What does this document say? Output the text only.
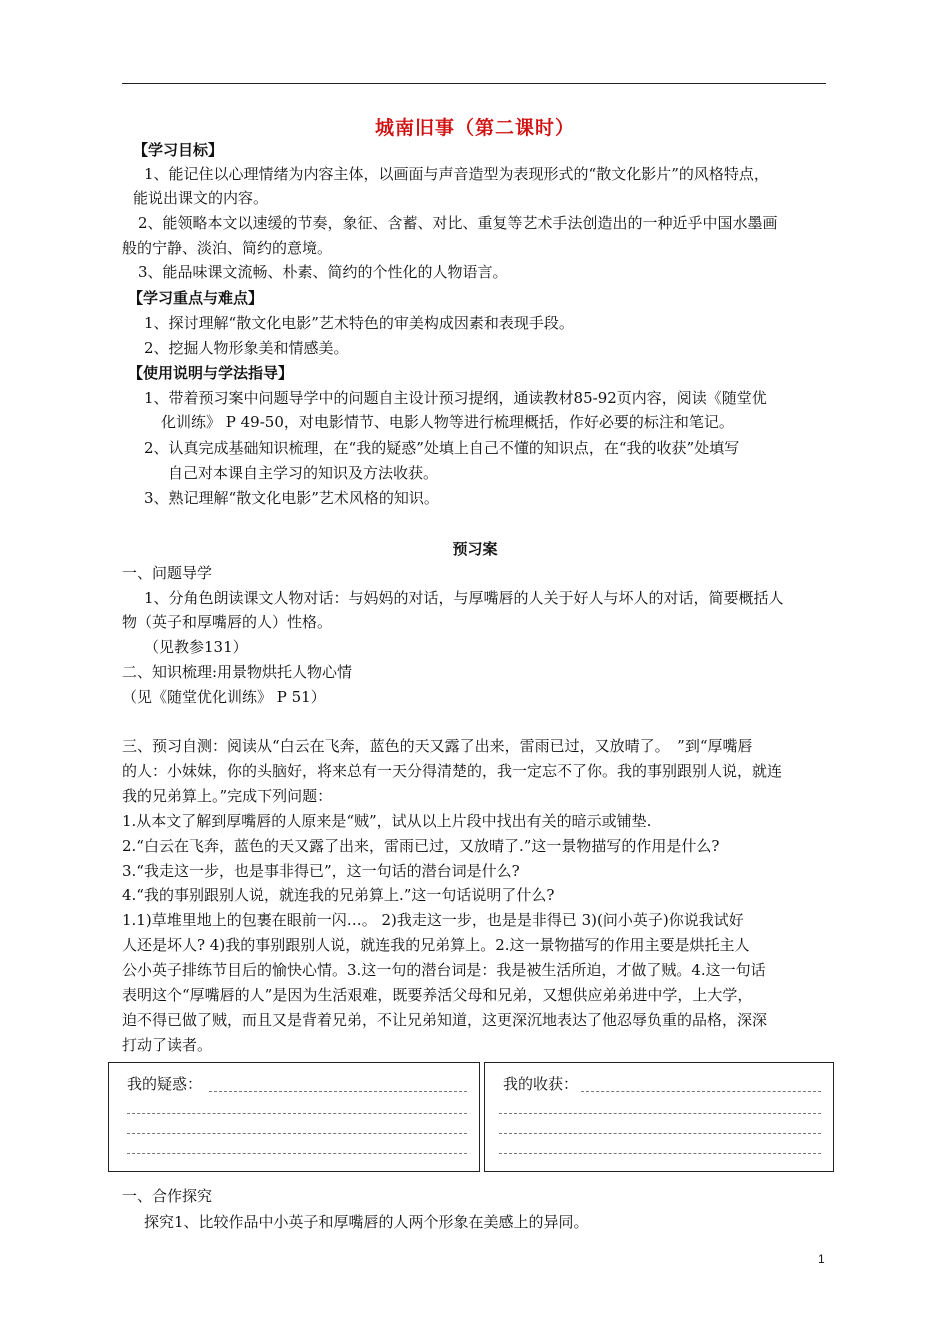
城南旧事（第二课时）
【学习目标】
1、能记住以心理情绪为内容主体，以画面与声音造型为表现形式的“散文化影片”的风格特点，
能说出课文的内容。
2、能领略本文以速缓的节奏，象征、含蓄、对比、重复等艺术手法创造出的一种近乎中国水墨画
般的宁静、淡泊、简约的意境。
3、能品味课文流畅、朴素、简约的个性化的人物语言。
【学习重点与难点】
1、探讨理解“散文化电影”艺术特色的审美构成因素和表现手段。
2、挖掘人物形象美和情感美。
【使用说明与学法指导】
1、带着预习案中问题导学中的问题自主设计预习提纲，通读教材85-92页内容，阅读《随堂优
化训练》 P 49-50，对电影情节、电影人物等进行梳理概括，作好必要的标注和笔记。
2、认真完成基础知识梳理，在“我的疑惑”处填上自己不懂的知识点，在“我的收获”处填写
自己对本课自主学习的知识及方法收获。
3、熟记理解“散文化电影”艺术风格的知识。
预习案
一、问题导学
1、分角色朗读课文人物对话：与妈妈的对话，与厚嘴唇的人关于好人与坏人的对话，简要概括人
物（英子和厚嘴唇的人）性格。
（见教参131）
二、知识梳理:用景物烘托人物心情
（见《随堂优化训练》 P 51）
三、预习自测：阅读从“白云在飞奔，蓝色的天又露了出来，雷雨已过，又放晴了。　”到“厚嘴唇
的人：小妹妹，你的头脑好，将来总有一天分得清楚的，我一定忘不了你。我的事别跟别人说，就连
我的兄弟算上。”完成下列问题：
1.从本文了解到厚嘴唇的人原来是“贼”，试从以上片段中找出有关的暗示或铺垫.
2.“白云在飞奔，蓝色的天又露了出来，雷雨已过，又放晴了.”这一景物描写的作用是什么?
3.“我走这一步，也是事非得已”，这一句话的潜台词是什么?
4.“我的事别跟别人说，就连我的兄弟算上.”这一句话说明了什么?
1.1)草堆里地上的包裹在眼前一闪…。 2)我走这一步，也是是非得已 3)(问小英子)你说我试好
人还是坏人? 4)我的事别跟别人说，就连我的兄弟算上。2.这一景物描写的作用主要是烘托主人
公小英子排练节目后的愉快心情。3.这一句的潜台词是：我是被生活所迫，才做了贼。4.这一句话
表明这个“厚嘴唇的人”是因为生活艰难，既要养活父母和兄弟，又想供应弟弟进中学，上大学，
迫不得已做了贼，而且又是背着兄弟，不让兄弟知道，这更深沉地表达了他忍辱负重的品格，深深
打动了读者。
我的疑惑：	我的收获：
一、合作探究
探究1、比较作品中小英子和厚嘴唇的人两个形象在美感上的异同。
1
